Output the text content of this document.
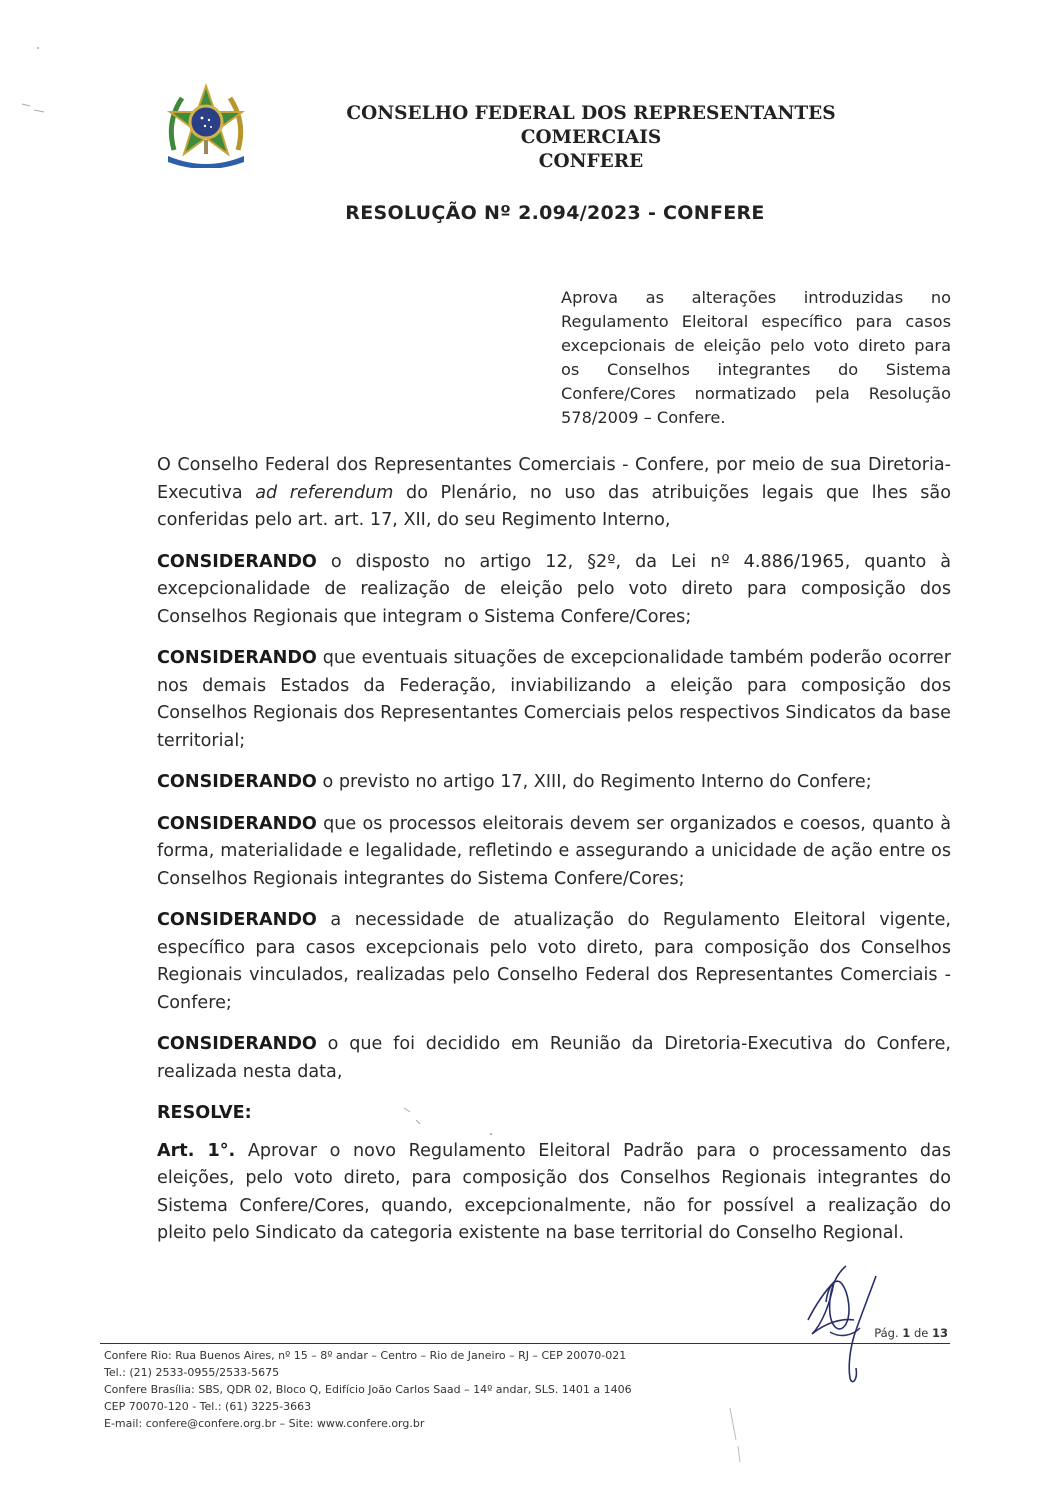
CONSELHO FEDERAL DOS REPRESENTANTES COMERCIAIS
CONFERE
RESOLUÇÃO Nº 2.094/2023 - CONFERE
Aprova as alterações introduzidas no Regulamento Eleitoral específico para casos excepcionais de eleição pelo voto direto para os Conselhos integrantes do Sistema Confere/Cores normatizado pela Resolução 578/2009 – Confere.

O Conselho Federal dos Representantes Comerciais - Confere, por meio de sua Diretoria-Executiva ad referendum do Plenário, no uso das atribuições legais que lhes são conferidas pelo art. art. 17, XII, do seu Regimento Interno,

CONSIDERANDO o disposto no artigo 12, §2º, da Lei nº 4.886/1965, quanto à excepcionalidade de realização de eleição pelo voto direto para composição dos Conselhos Regionais que integram o Sistema Confere/Cores;

CONSIDERANDO que eventuais situações de excepcionalidade também poderão ocorrer nos demais Estados da Federação, inviabilizando a eleição para composição dos Conselhos Regionais dos Representantes Comerciais pelos respectivos Sindicatos da base territorial;

CONSIDERANDO o previsto no artigo 17, XIII, do Regimento Interno do Confere;

CONSIDERANDO que os processos eleitorais devem ser organizados e coesos, quanto à forma, materialidade e legalidade, refletindo e assegurando a unicidade de ação entre os Conselhos Regionais integrantes do Sistema Confere/Cores;

CONSIDERANDO a necessidade de atualização do Regulamento Eleitoral vigente, específico para casos excepcionais pelo voto direto, para composição dos Conselhos Regionais vinculados, realizadas pelo Conselho Federal dos Representantes Comerciais - Confere;

CONSIDERANDO o que foi decidido em Reunião da Diretoria-Executiva do Confere, realizada nesta data,

RESOLVE:

Art. 1°. Aprovar o novo Regulamento Eleitoral Padrão para o processamento das eleições, pelo voto direto, para composição dos Conselhos Regionais integrantes do Sistema Confere/Cores, quando, excepcionalmente, não for possível a realização do pleito pelo Sindicato da categoria existente na base territorial do Conselho Regional.

Pág. 1 de 13
Confere Rio: Rua Buenos Aires, nº 15 – 8º andar – Centro – Rio de Janeiro – RJ – CEP 20070-021
Tel.: (21) 2533-0955/2533-5675
Confere Brasília: SBS, QDR 02, Bloco Q, Edifício João Carlos Saad – 14º andar, SLS. 1401 a 1406
CEP 70070-120 - Tel.: (61) 3225-3663
E-mail: confere@confere.org.br – Site: www.confere.org.br
